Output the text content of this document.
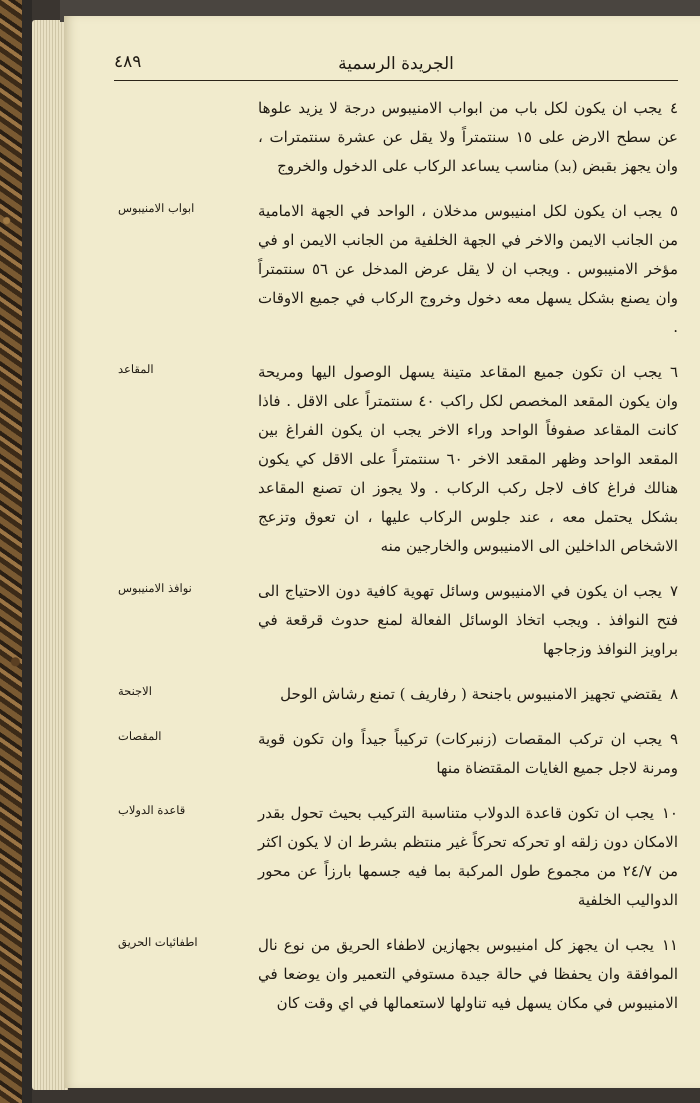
الجريدة الرسمية
٤٨٩
٤يجب ان يكون لكل باب من ابواب الامنيبوس درجة لا يزيد علوها عن سطح الارض على ١٥ سنتمتراً ولا يقل عن عشرة سنتمترات ، وان يجهز بقبض (بد) مناسب يساعد الركاب على الدخول والخروج
ابواب الامنيبوس	٥يجب ان يكون لكل امنيبوس مدخلان ، الواحد في الجهة الامامية من الجانب الايمن والاخر في الجهة الخلفية من الجانب الايمن او في مؤخر الامنيبوس . ويجب ان لا يقل عرض المدخل عن ٥٦ سنتمتراً وان يصنع بشكل يسهل معه دخول وخروج الركاب في جميع الاوقات .
المقاعد	٦يجب ان تكون جميع المقاعد متينة يسهل الوصول اليها ومريحة وان يكون المقعد المخصص لكل راكب ٤٠ سنتمتراً على الاقل . فاذا كانت المقاعد صفوفاً الواحد وراء الاخر يجب ان يكون الفراغ بين المقعد الواحد وظهر المقعد الاخر ٦٠ سنتمتراً على الاقل كي يكون هنالك فراغ كاف لاجل ركب الركاب . ولا يجوز ان تصنع المقاعد بشكل يحتمل معه ، عند جلوس الركاب عليها ، ان تعوق وتزعج الاشخاص الداخلين الى الامنيبوس والخارجين منه
نوافذ الامنيبوس	٧يجب ان يكون في الامنيبوس وسائل تهوية كافية دون الاحتياج الى فتح النوافذ . ويجب اتخاذ الوسائل الفعالة لمنع حدوث قرقعة في براويز النوافذ وزجاجها
الاجنحة	٨يقتضي تجهيز الامنيبوس باجنحة ( رفاريف ) تمنع رشاش الوحل
المقصات	٩يجب ان تركب المقصات (زنبركات) تركيباً جيداً وان تكون قوية ومرنة لاجل جميع الغايات المقتضاة منها
قاعدة الدولاب	١٠يجب ان تكون قاعدة الدولاب متناسبة التركيب بحيث تحول بقدر الامكان دون زلقه او تحركه تحركاً غير منتظم بشرط ان لا يكون اكثر من ٢٤/٧ من مجموع طول المركبة بما فيه جسمها بارزاً عن محور الدواليب الخلفية
اطفائيات الحريق	١١يجب ان يجهز كل امنيبوس بجهازين لاطفاء الحريق من نوع نال الموافقة وان يحفظا في حالة جيدة مستوفي التعمير وان يوضعا في الامنيبوس في مكان يسهل فيه تناولها لاستعمالها في اي وقت كان
